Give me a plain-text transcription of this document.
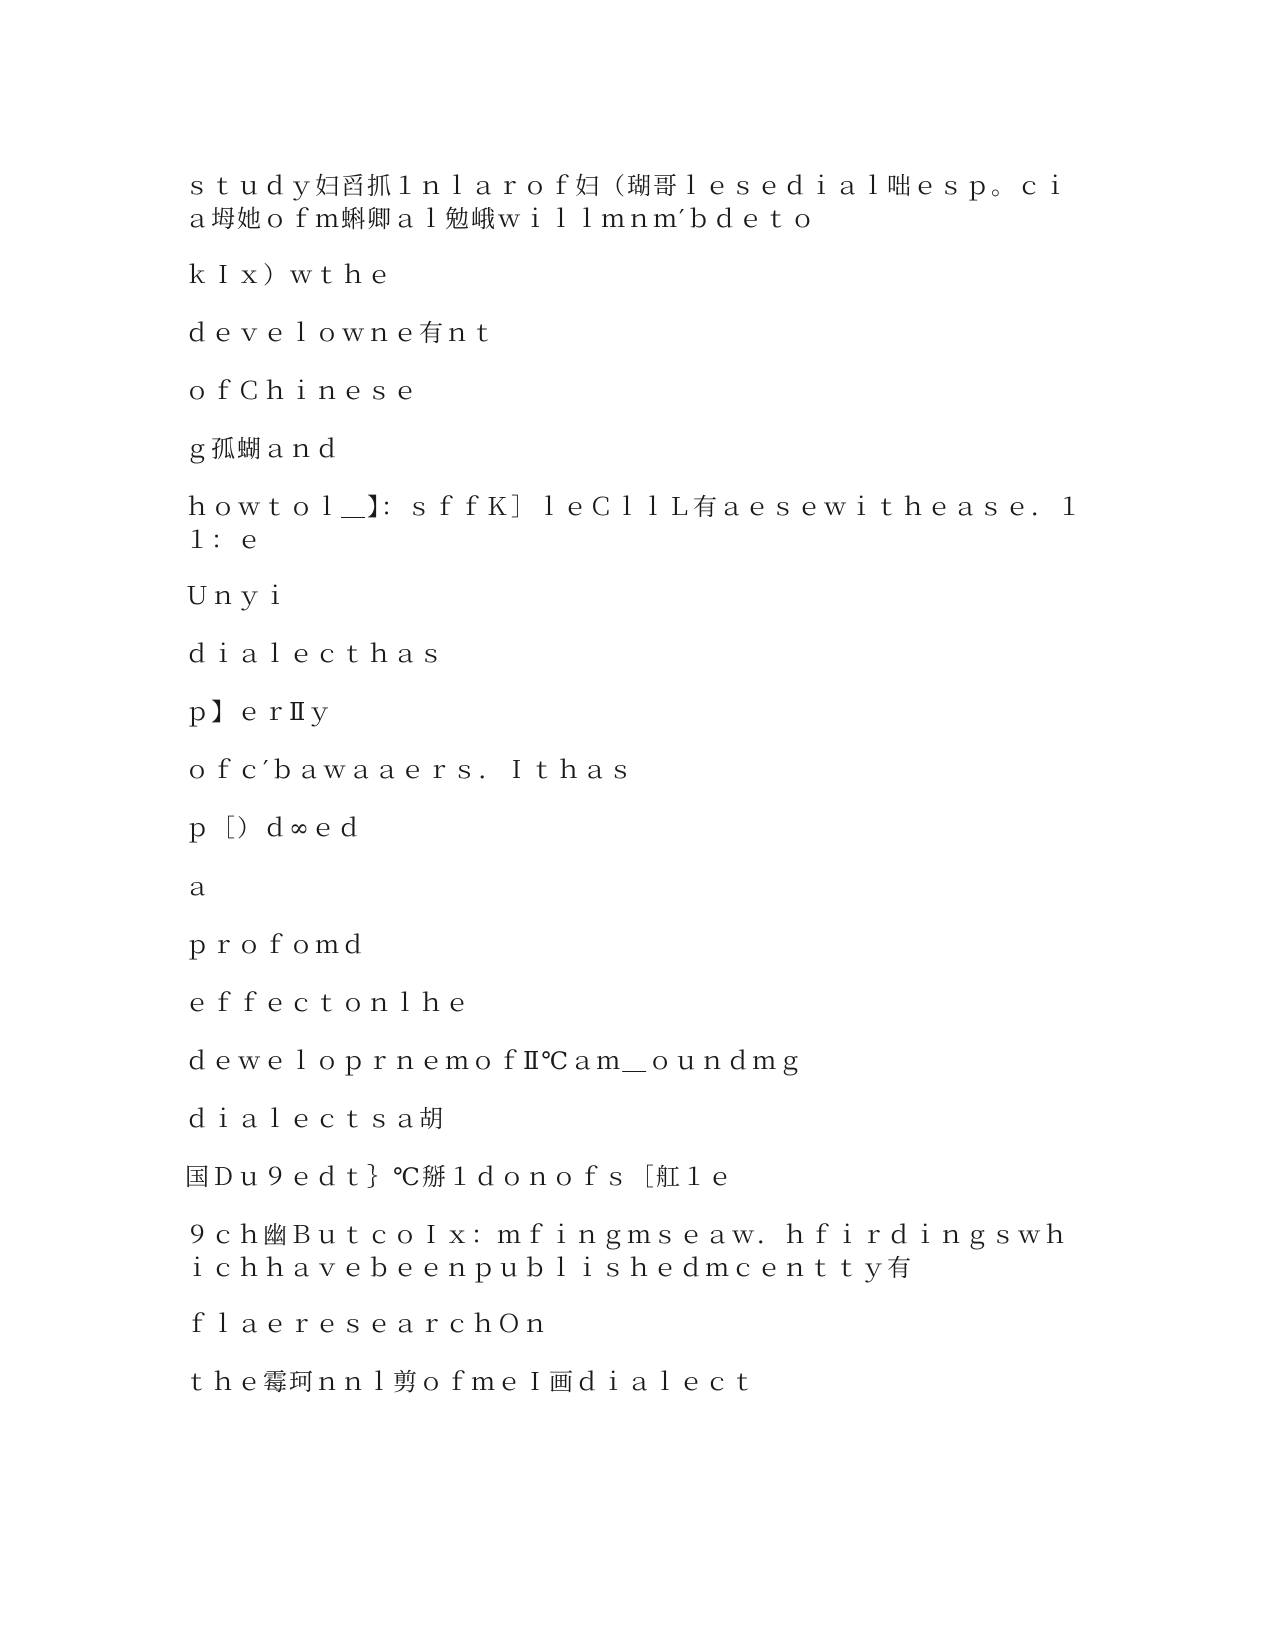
ｓｔｕｄｙ妇舀抓１ｎｌａｒｏｆ妇（瑚哥ｌｅｓｅｄｉａｌ咄ｅｓｐ。ｃｉａ坶她ｏｆｍ蝌卿ａｌ勉峨ｗｉｌｌｍｎｍ′ｂｄｅｔｏ
ｋＩｘ）ｗｔｈｅ
ｄｅｖｅｌｏｗｎｅ有ｎｔ
ｏｆＣｈｉｎｅｓｅ
ｇ孤蝴ａｎｄ
ｈｏｗｔｏｌ＿】：ｓｆｆＫ］ｌｅＣｌｌＬ有ａｅｓｅｗｉｔｈｅａｓｅ．１１：ｅ
Ｕｎｙｉ
ｄｉａｌｅｃｔｈａｓ
ｐ】ｅｒⅡｙ
ｏｆｃ′ｂａｗａａｅｒｓ．Ｉｔｈａｓ
ｐ［）ｄ∞ｅｄ
ａ
ｐｒｏｆｏｍｄ
ｅｆｆｅｃｔｏｎｌｈｅ
ｄｅｗｅｌｏｐｒｎｅｍｏｆⅡ℃ａｍ＿ｏｕｎｄｍｇ
ｄｉａｌｅｃｔｓａ胡
国Ｄｕ９ｅｄｔ｝℃掰１ｄｏｎｏｆｓ［舡１ｅ
９ｃｈ幽ＢｕｔｃｏＩｘ：ｍｆｉｎｇｍｓｅａｗ．ｈｆｉｒｄｉｎｇｓｗｈｉｃｈｈａｖｅｂｅｅｎｐｕｂｌｉｓｈｅｄｍｃｅｎｔｔｙ有
ｆｌａｅｒｅｓｅａｒｃｈＯｎ
ｔｈｅ霉珂ｎｎｌ剪ｏｆｍｅＩ画ｄｉａｌｅｃｔ
